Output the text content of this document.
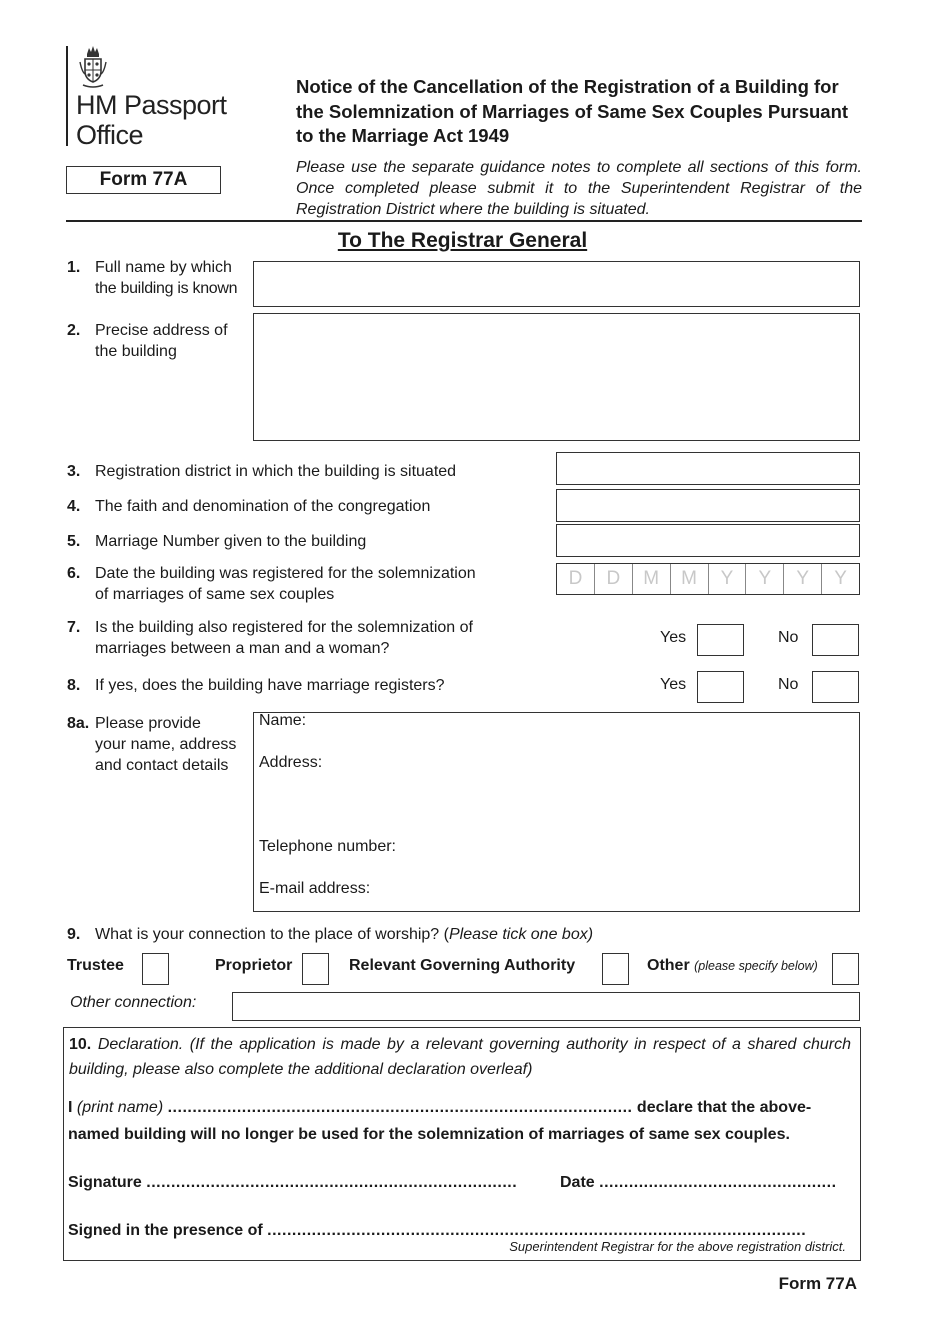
HM Passport
Office
Form 77A
Notice of the Cancellation of the Registration of a Building for the Solemnization of Marriages of Same Sex Couples Pursuant to the Marriage Act 1949
Please use the separate guidance notes to complete all sections of this form. Once completed please submit it to the Superintendent Registrar of the Registration District where the building is situated.
To The Registrar General
1. Full name by which
the building is known
2. Precise address of
the building
3. Registration district in which the building is situated
4. The faith and denomination of the congregation
5. Marriage Number given to the building
6. Date the building was registered for the solemnization
of marriages of same sex couples
D	D	M	M	Y	Y	Y	Y
7. Is the building also registered for the solemnization of
marriages between a man and a woman?
Yes	No
8. If yes, does the building have marriage registers?	Yes	No
8a. Please provide
your name, address
and contact details
Name:
Address:
Telephone number:
E-mail address:
9. What is your connection to the place of worship? (Please tick one box)
Trustee	Proprietor	Relevant Governing Authority	Other (please specify below)
Other connection:
10. Declaration. (If the application is made by a relevant governing authority in respect of a shared church building, please also complete the additional declaration overleaf)
I (print name) .............................................................................................. declare that the above-
named building will no longer be used for the solemnization of marriages of same sex couples.
Signature ...........................................................................	Date ................................................
Signed in the presence of .............................................................................................................
Superintendent Registrar for the above registration district.
Form 77A
